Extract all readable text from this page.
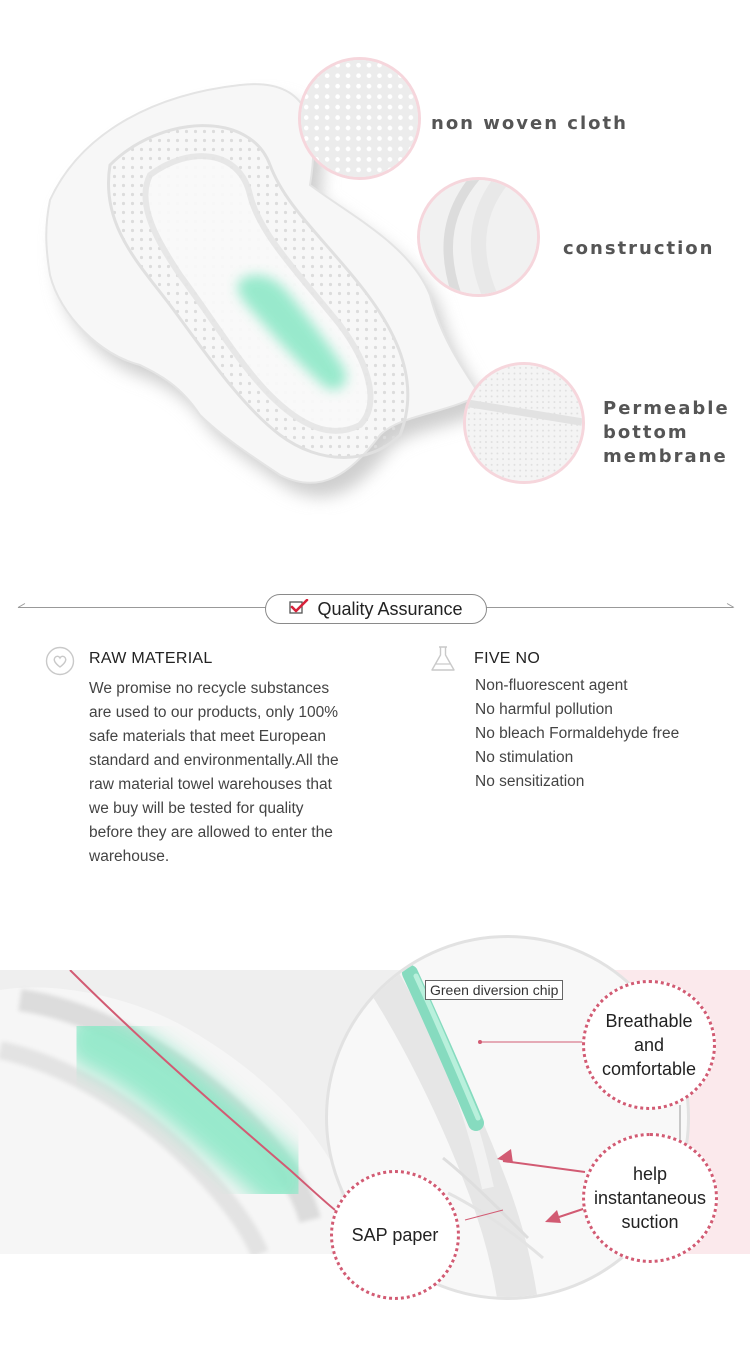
non woven cloth
construction
Permeable
bottom
membrane
Quality Assurance
RAW MATERIAL
We promise no recycle substances
are used to our products, only 100%
safe materials that meet European
standard and environmentally.All the
raw material towel warehouses that
we buy will be tested for quality
before they are allowed to enter the
warehouse.
FIVE NO
Non-fluorescent agent
No harmful pollution
No bleach Formaldehyde free
No stimulation
No sensitization
Green diversion chip
Breathable
and
comfortable
help
instantaneous
suction
SAP paper
